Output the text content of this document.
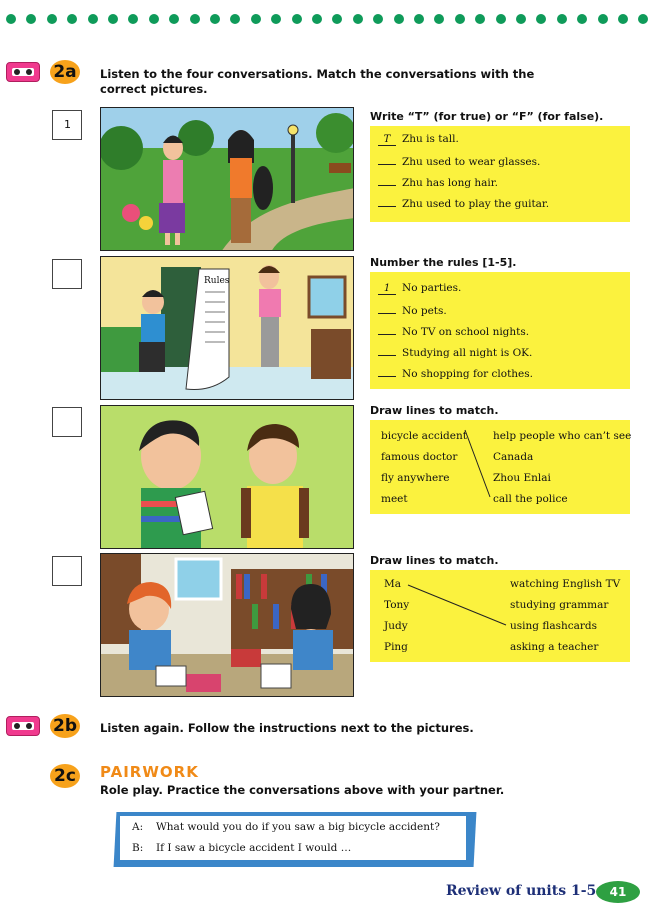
2a Listen to the four conversations. Match the conversations with the
correct pictures.
1
Write “T” (for true) or “F” (for false).
T Zhu is tall.
Zhu used to wear glasses.
Zhu has long hair.
Zhu used to play the guitar.
Rules
Number the rules [1-5].
1 No parties.
No pets.
No TV on school nights.
Studying all night is OK.
No shopping for clothes.
Draw lines to match.
bicycle accident
famous doctor
fly anywhere
meet
help people who can’t see
Canada
Zhou Enlai
call the police
Draw lines to match.
Ma
Tony
Judy
Ping
watching English TV
studying grammar
using flashcards
asking a teacher
2b Listen again. Follow the instructions next to the pictures.
2c PAIRWORK
Role play. Practice the conversations above with your partner.
A: What would you do if you saw a big bicycle accident?
B: If I saw a bicycle accident I would …
Review of units 1-5	41
